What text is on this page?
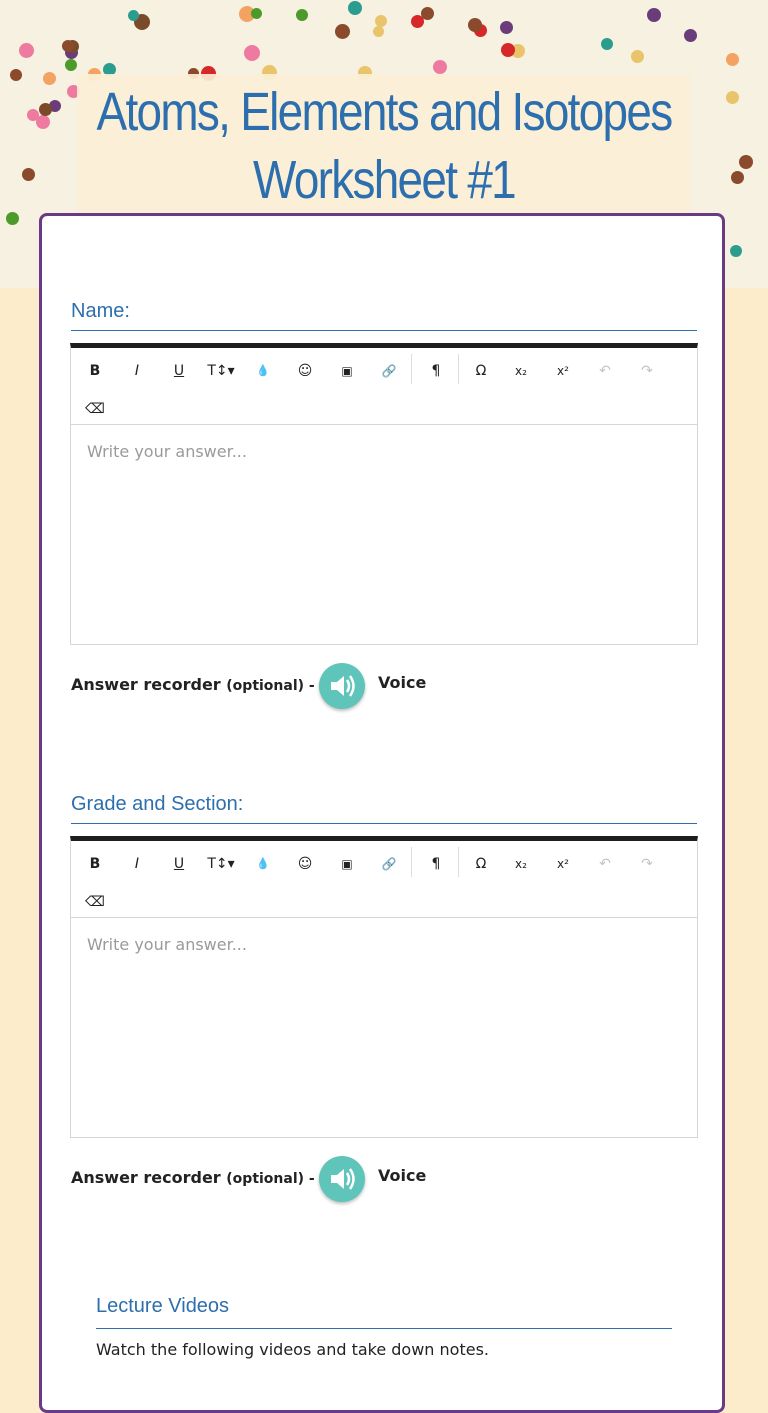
Atoms, Elements and Isotopes
Worksheet #1
Name:
B	I	U	T↕▾	💧	☺	▣	🔗	¶	Ω	x₂	x²	↶	↷
⌫
Write your answer...
Answer recorder (optional) -	Voice
Grade and Section:
B	I	U	T↕▾	💧	☺	▣	🔗	¶	Ω	x₂	x²	↶	↷
⌫
Write your answer...
Answer recorder (optional) -	Voice
Lecture Videos
Watch the following videos and take down notes.
